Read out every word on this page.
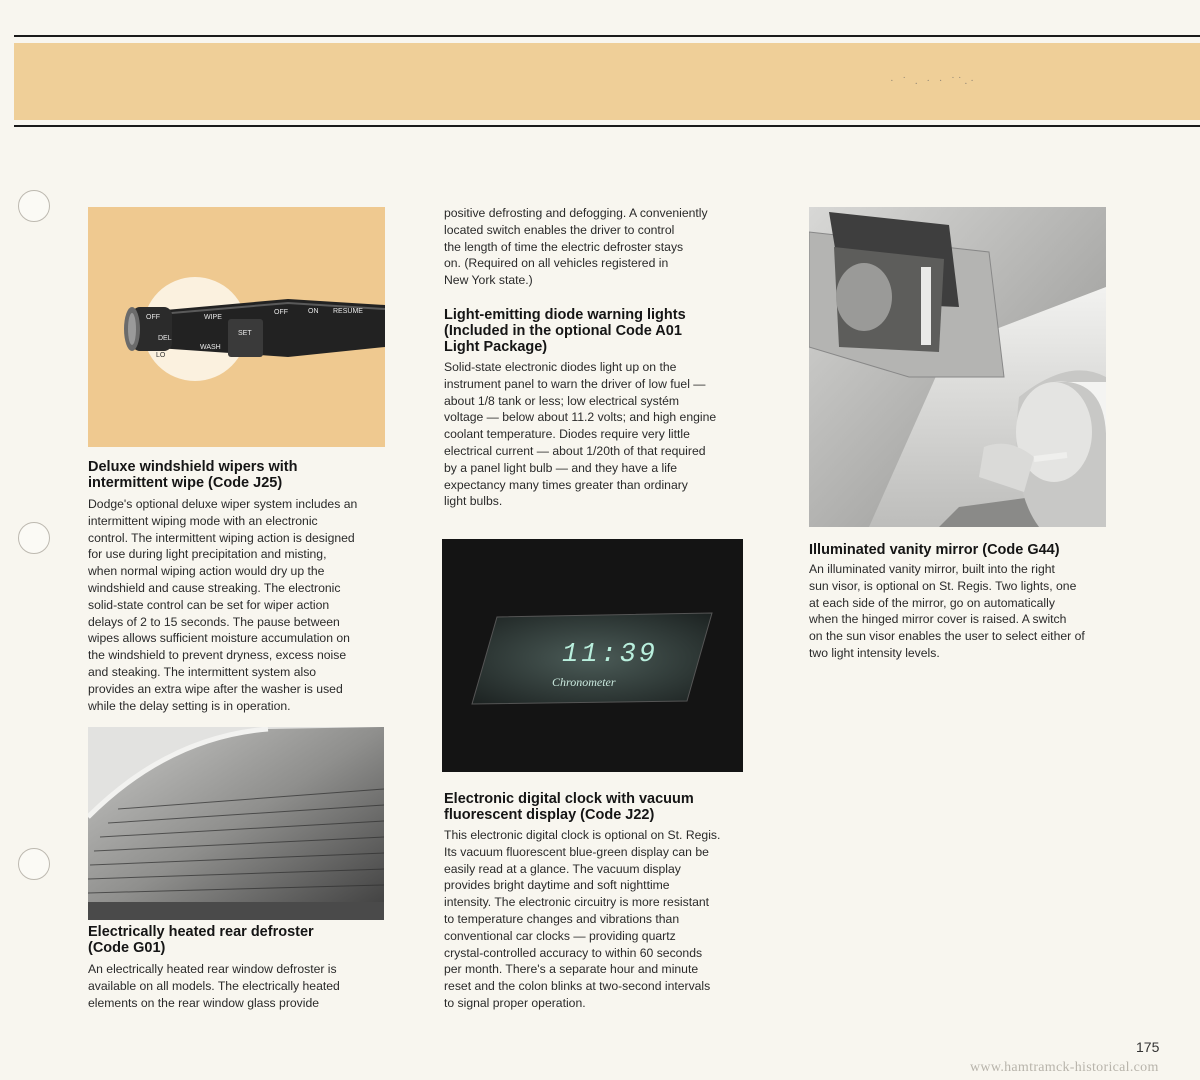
· ˙ . · · ˙˙.·
OFF
DEL
LO
WIPE
WASH
SET
OFF	ON RESUME
Deluxe windshield wipers with
intermittent wipe (Code J25)

Dodge's optional deluxe wiper system includes an
intermittent wiping mode with an electronic
control. The intermittent wiping action is designed
for use during light precipitation and misting,
when normal wiping action would dry up the
windshield and cause streaking. The electronic
solid-state control can be set for wiper action
delays of 2 to 15 seconds. The pause between
wipes allows sufficient moisture accumulation on
the windshield to prevent dryness, excess noise
and steaking. The intermittent system also
provides an extra wipe after the washer is used
while the delay setting is in operation.

Electrically heated rear defroster
(Code G01)

An electrically heated rear window defroster is
available on all models. The electrically heated
elements on the rear window glass provide

positive defrosting and defogging. A conveniently
located switch enables the driver to control
the length of time the electric defroster stays
on. (Required on all vehicles registered in
New York state.)

Light-emitting diode warning lights
(Included in the optional Code A01
Light Package)

Solid-state electronic diodes light up on the
instrument panel to warn the driver of low fuel —
about 1/8 tank or less; low electrical systém
voltage — below about 11.2 volts; and high engine
coolant temperature. Diodes require very little
electrical current — about 1/20th of that required
by a panel light bulb — and they have a life
expectancy many times greater than ordinary
light bulbs.

11:39
Chronometer
Electronic digital clock with vacuum
fluorescent display (Code J22)

This electronic digital clock is optional on St. Regis.
Its vacuum fluorescent blue-green display can be
easily read at a glance. The vacuum display
provides bright daytime and soft nighttime
intensity. The electronic circuitry is more resistant
to temperature changes and vibrations than
conventional car clocks — providing quartz
crystal-controlled accuracy to within 60 seconds
per month. There's a separate hour and minute
reset and the colon blinks at two-second intervals
to signal proper operation.

Illuminated vanity mirror (Code G44)

An illuminated vanity mirror, built into the right
sun visor, is optional on St. Regis. Two lights, one
at each side of the mirror, go on automatically
when the hinged mirror cover is raised. A switch
on the sun visor enables the user to select either of
two light intensity levels.

175
www.hamtramck-historical.com
